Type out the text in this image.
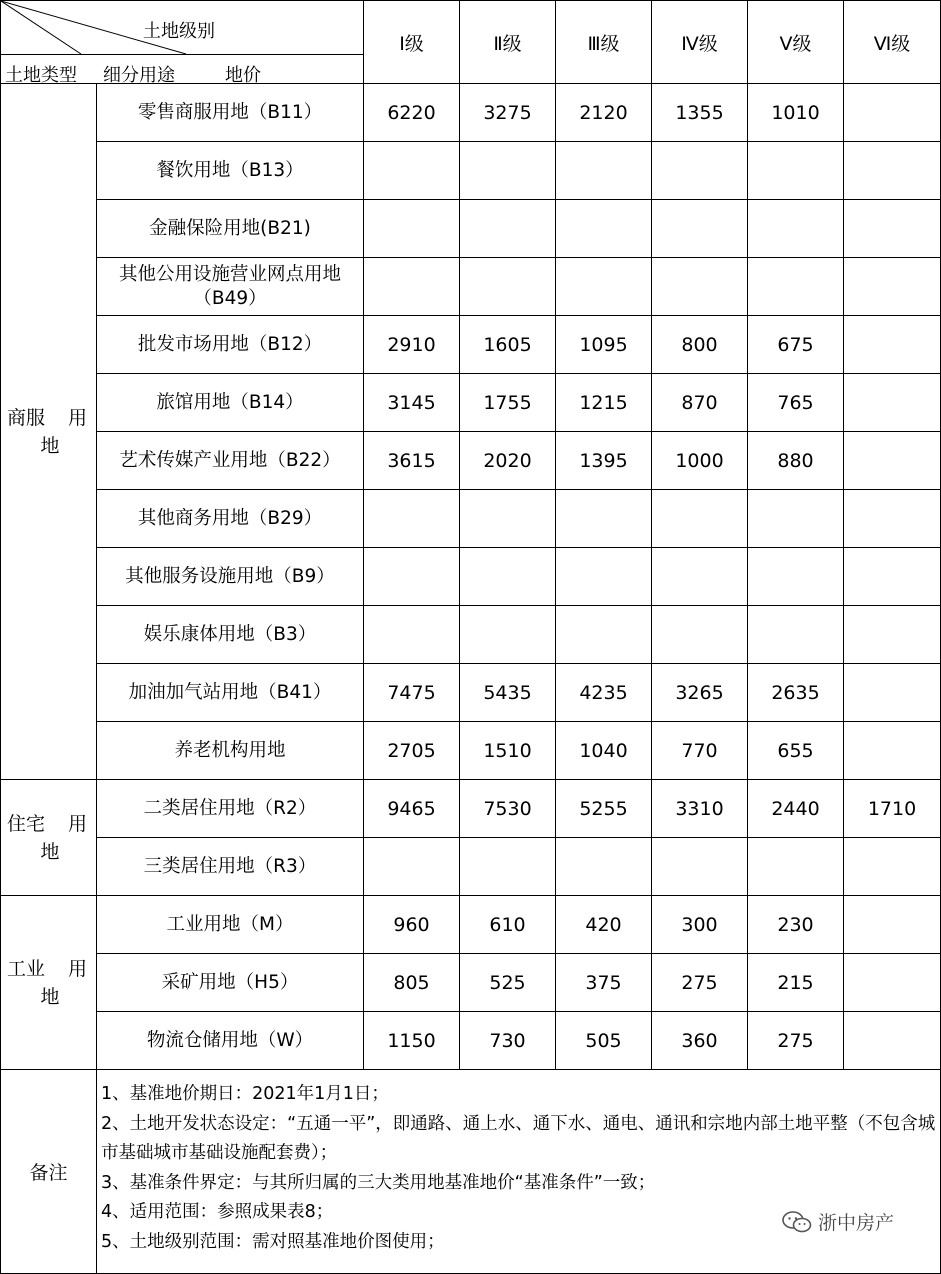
土地级别
土地类型 细分用途 地价		Ⅰ级	Ⅱ级	Ⅲ级	Ⅳ级	Ⅴ级	Ⅵ级

商服 用
地	零售商服用地（B11）	6220	3275	2120	1355	1010	
	餐饮用地（B13）						
	金融保险用地(B21)						
	其他公用设施营业网点用地（B49）						
	批发市场用地（B12）	2910	1605	1095	800	675	
	旅馆用地（B14）	3145	1755	1215	870	765	
	艺术传媒产业用地（B22）	3615	2020	1395	1000	880	
	其他商务用地（B29）						
	其他服务设施用地（B9）						
	娱乐康体用地（B3）						
	加油加气站用地（B41）	7475	5435	4235	3265	2635	
	养老机构用地	2705	1510	1040	770	655	

住宅 用
地	二类居住用地（R2）	9465	7530	5255	3310	2440	1710
	三类居住用地（R3）						

工业 用
地	工业用地（M）	960	610	420	300	230	
	采矿用地（H5）	805	525	375	275	215	
	物流仓储用地（W）	1150	730	505	360	275	
备注	1、基准地价期日：2021年1月1日；
2、土地开发状态设定：“五通一平”，即通路、通上水、通下水、通电、通讯和宗地内部土地平整（不包含城市基础城市基础设施配套费）；
3、基准条件界定：与其所归属的三大类用地基准地价“基准条件”一致；
4、适用范围：参照成果表8；
5、土地级别范围：需对照基准地价图使用；						
浙中房产
